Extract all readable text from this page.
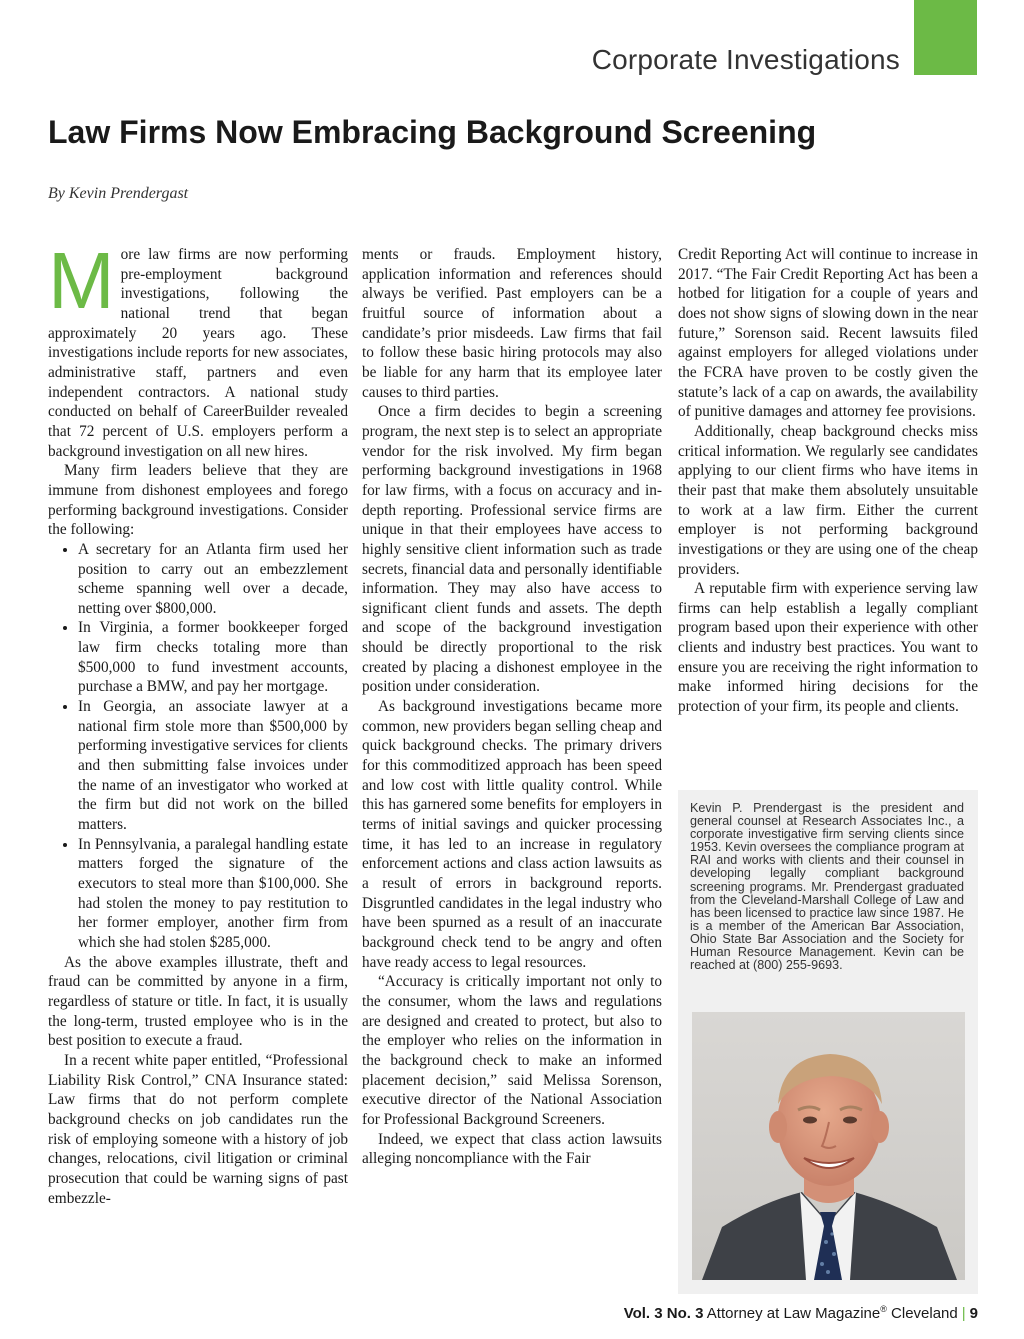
Corporate Investigations
Law Firms Now Embracing Background Screening
By Kevin Prendergast

More law firms are now performing pre-employment background investigations, following the national trend that began approximately 20 years ago. These investigations include reports for new associates, administrative staff, partners and even independent contractors. A national study conducted on behalf of CareerBuilder revealed that 72 percent of U.S. employers perform a background investigation on all new hires.

Many firm leaders believe that they are immune from dishonest employees and forego performing background investigations. Consider the following:

• A secretary for an Atlanta firm used her position to carry out an embezzlement scheme spanning well over a decade, netting over $800,000.
• In Virginia, a former bookkeeper forged law firm checks totaling more than $500,000 to fund investment accounts, purchase a BMW, and pay her mortgage.
• In Georgia, an associate lawyer at a national firm stole more than $500,000 by performing investigative services for clients and then submitting false invoices under the name of an investigator who worked at the firm but did not work on the billed matters.
• In Pennsylvania, a paralegal handling estate matters forged the signature of the executors to steal more than $100,000. She had stolen the money to pay restitution to her former employer, another firm from which she had stolen $285,000.

As the above examples illustrate, theft and fraud can be committed by anyone in a firm, regardless of stature or title. In fact, it is usually the long-term, trusted employee who is in the best position to execute a fraud.

In a recent white paper entitled, “Professional Liability Risk Control,” CNA Insurance stated: Law firms that do not perform complete background checks on job candidates run the risk of employing someone with a history of job changes, relocations, civil litigation or criminal prosecution that could be warning signs of past embezzle-

ments or frauds. Employment history, application information and references should always be verified. Past employers can be a fruitful source of information about a candidate’s prior misdeeds. Law firms that fail to follow these basic hiring protocols may also be liable for any harm that its employee later causes to third parties.

Once a firm decides to begin a screening program, the next step is to select an appropriate vendor for the risk involved. My firm began performing background investigations in 1968 for law firms, with a focus on accuracy and in-depth reporting. Professional service firms are unique in that their employees have access to highly sensitive client information such as trade secrets, financial data and personally identifiable information. They may also have access to significant client funds and assets. The depth and scope of the background investigation should be directly proportional to the risk created by placing a dishonest employee in the position under consideration.

As background investigations became more common, new providers began selling cheap and quick background checks. The primary drivers for this commoditized approach has been speed and low cost with little quality control. While this has garnered some benefits for employers in terms of initial savings and quicker processing time, it has led to an increase in regulatory enforcement actions and class action lawsuits as a result of errors in background reports. Disgruntled candidates in the legal industry who have been spurned as a result of an inaccurate background check tend to be angry and often have ready access to legal resources.

“Accuracy is critically important not only to the consumer, whom the laws and regulations are designed and created to protect, but also to the employer who relies on the information in the background check to make an informed placement decision,” said Melissa Sorenson, executive director of the National Association for Professional Background Screeners.

Indeed, we expect that class action lawsuits alleging noncompliance with the Fair

Credit Reporting Act will continue to increase in 2017. “The Fair Credit Reporting Act has been a hotbed for litigation for a couple of years and does not show signs of slowing down in the near future,” Sorenson said. Recent lawsuits filed against employers for alleged violations under the FCRA have proven to be costly given the statute’s lack of a cap on awards, the availability of punitive damages and attorney fee provisions.

Additionally, cheap background checks miss critical information. We regularly see candidates applying to our client firms who have items in their past that make them absolutely unsuitable to work at a law firm. Either the current employer is not performing background investigations or they are using one of the cheap providers.

A reputable firm with experience serving law firms can help establish a legally compliant program based upon their experience with other clients and industry best practices. You want to ensure you are receiving the right information to make informed hiring decisions for the protection of your firm, its people and clients.

Kevin P. Prendergast is the president and general counsel at Research Associates Inc., a corporate investigative firm serving clients since 1953. Kevin oversees the compliance program at RAI and works with clients and their counsel in developing legally compliant background screening programs. Mr. Prendergast graduated from the Cleveland-Marshall College of Law and has been licensed to practice law since 1987. He is a member of the American Bar Association, Ohio State Bar Association and the Society for Human Resource Management. Kevin can be reached at (800) 255-9693.
Vol. 3 No. 3 Attorney at Law Magazine® Cleveland | 9
